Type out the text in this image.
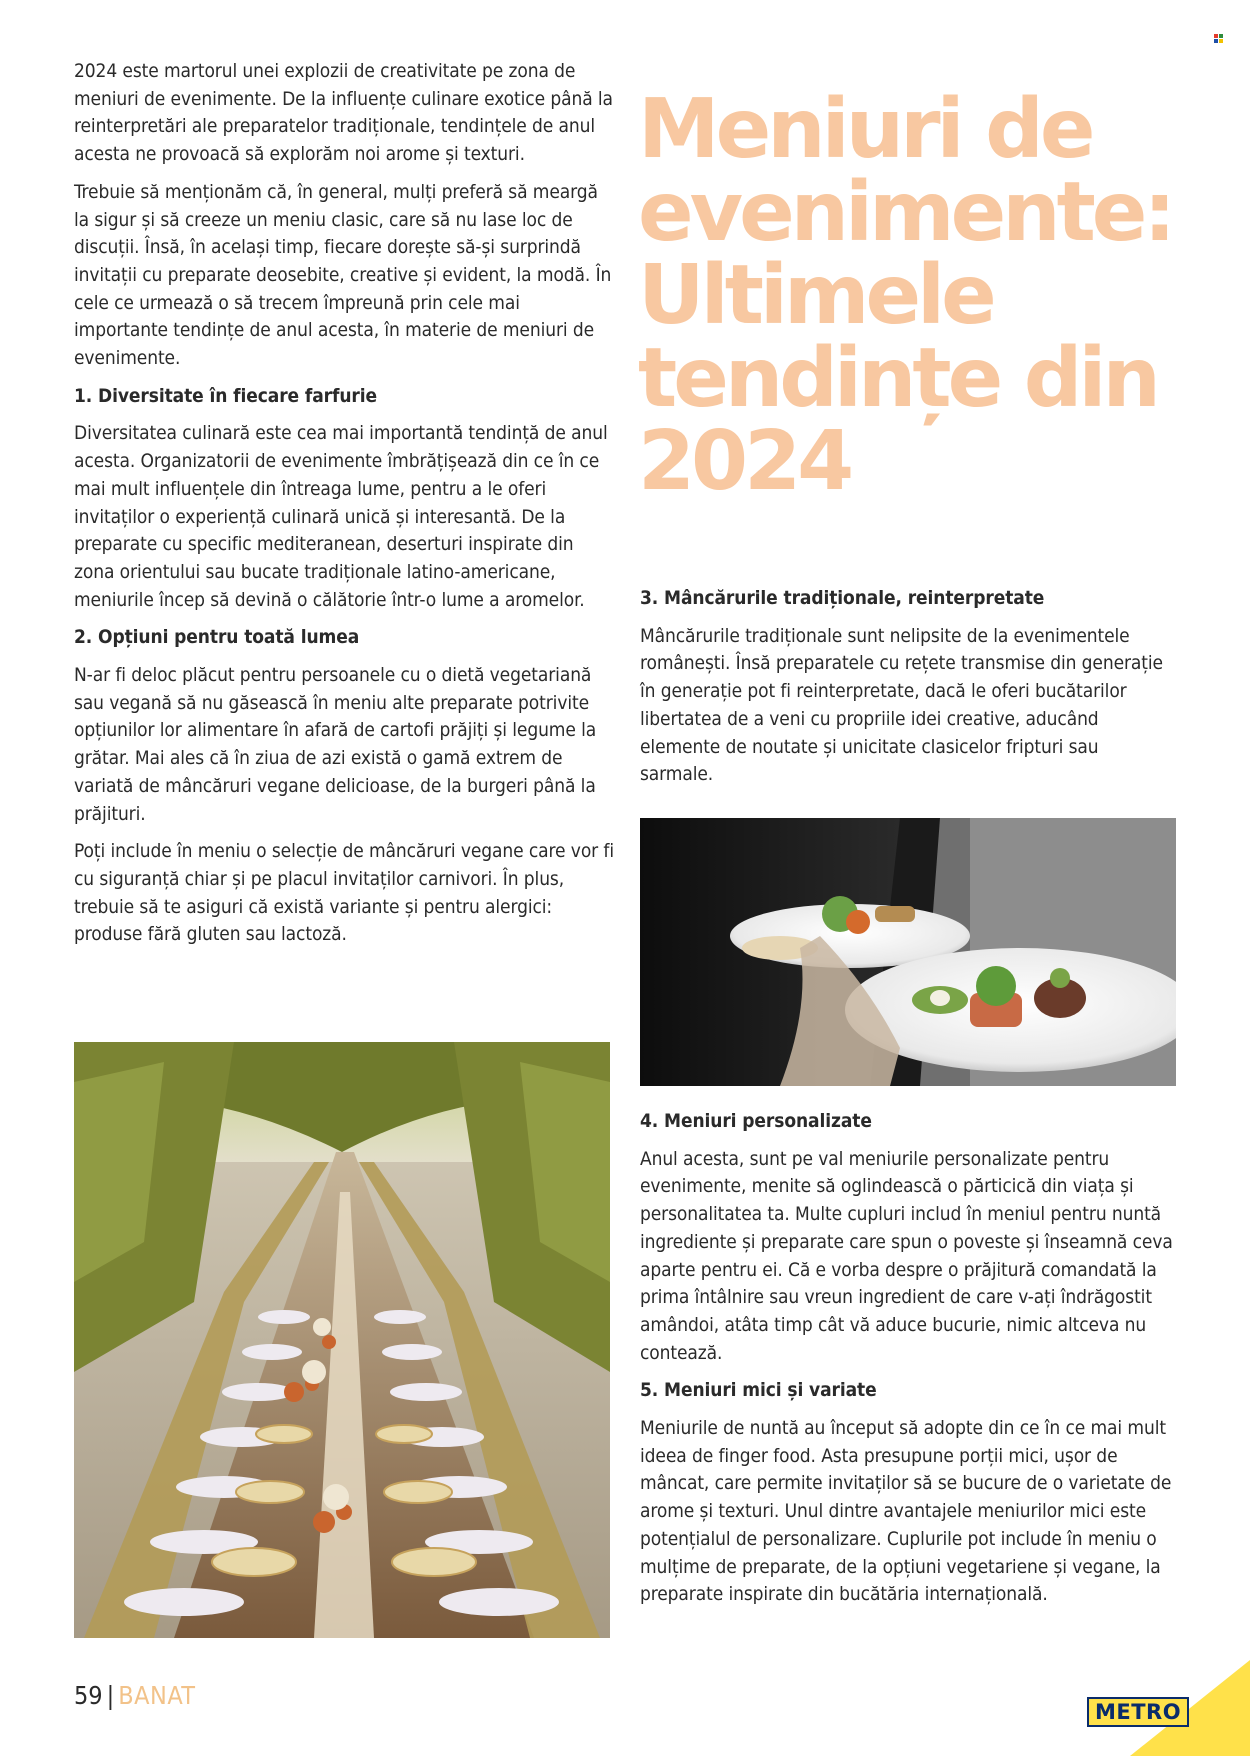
2024 este martorul unei explozii de creativitate pe zona de meniuri de evenimente. De la influențe culinare exotice până la reinterpretări ale preparatelor tradiționale, tendințele de anul acesta ne provoacă să explorăm noi arome și texturi.

Trebuie să menționăm că, în general, mulți preferă să meargă la sigur și să creeze un meniu clasic, care să nu lase loc de discuții. Însă, în același timp, fiecare dorește să-și surprindă invitații cu preparate deosebite, creative și evident, la modă. În cele ce urmează o să trecem împreună prin cele mai importante tendințe de anul acesta, în materie de meniuri de evenimente.

1. Diversitate în fiecare farfurie

Diversitatea culinară este cea mai importantă tendință de anul acesta. Organizatorii de evenimente îmbrățișează din ce în ce mai mult influențele din întreaga lume, pentru a le oferi invitaților o experiență culinară unică și interesantă. De la preparate cu specific mediteranean, deserturi inspirate din zona orientului sau bucate tradiționale latino-americane, meniurile încep să devină o călătorie într-o lume a aromelor.

2. Opțiuni pentru toată lumea

N-ar fi deloc plăcut pentru persoanele cu o dietă vegetariană sau vegană să nu găsească în meniu alte preparate potrivite opțiunilor lor alimentare în afară de cartofi prăjiți și legume la grătar. Mai ales că în ziua de azi există o gamă extrem de variată de mâncăruri vegane delicioase, de la burgeri până la prăjituri.

Poți include în meniu o selecție de mâncăruri vegane care vor fi cu siguranță chiar și pe placul invitaților carnivori. În plus, trebuie să te asiguri că există variante și pentru alergici: produse fără gluten sau lactoză.

Meniuri de
evenimente:
Ultimele
tendințe din
2024

3. Mâncărurile tradiționale, reinterpretate

Mâncărurile tradiționale sunt nelipsite de la evenimentele românești. Însă preparatele cu rețete transmise din generație în generație pot fi reinterpretate, dacă le oferi bucătarilor libertatea de a veni cu propriile idei creative, aducând elemente de noutate și unicitate clasicelor fripturi sau sarmale.

4. Meniuri personalizate

Anul acesta, sunt pe val meniurile personalizate pentru evenimente, menite să oglindească o părticică din viața și personalitatea ta. Multe cupluri includ în meniul pentru nuntă ingrediente și preparate care spun o poveste și înseamnă ceva aparte pentru ei. Că e vorba despre o prăjitură comandată la prima întâlnire sau vreun ingredient de care v-ați îndrăgostit amândoi, atâta timp cât vă aduce bucurie, nimic altceva nu contează.

5. Meniuri mici și variate

Meniurile de nuntă au început să adopte din ce în ce mai mult ideea de finger food. Asta presupune porții mici, ușor de mâncat, care permite invitaților să se bucure de o varietate de arome și texturi. Unul dintre avantajele meniurilor mici este potențialul de personalizare. Cuplurile pot include în meniu o mulțime de preparate, de la opțiuni vegetariene și vegane, la preparate inspirate din bucătăria internațională.

59 | BANAT
METRO
